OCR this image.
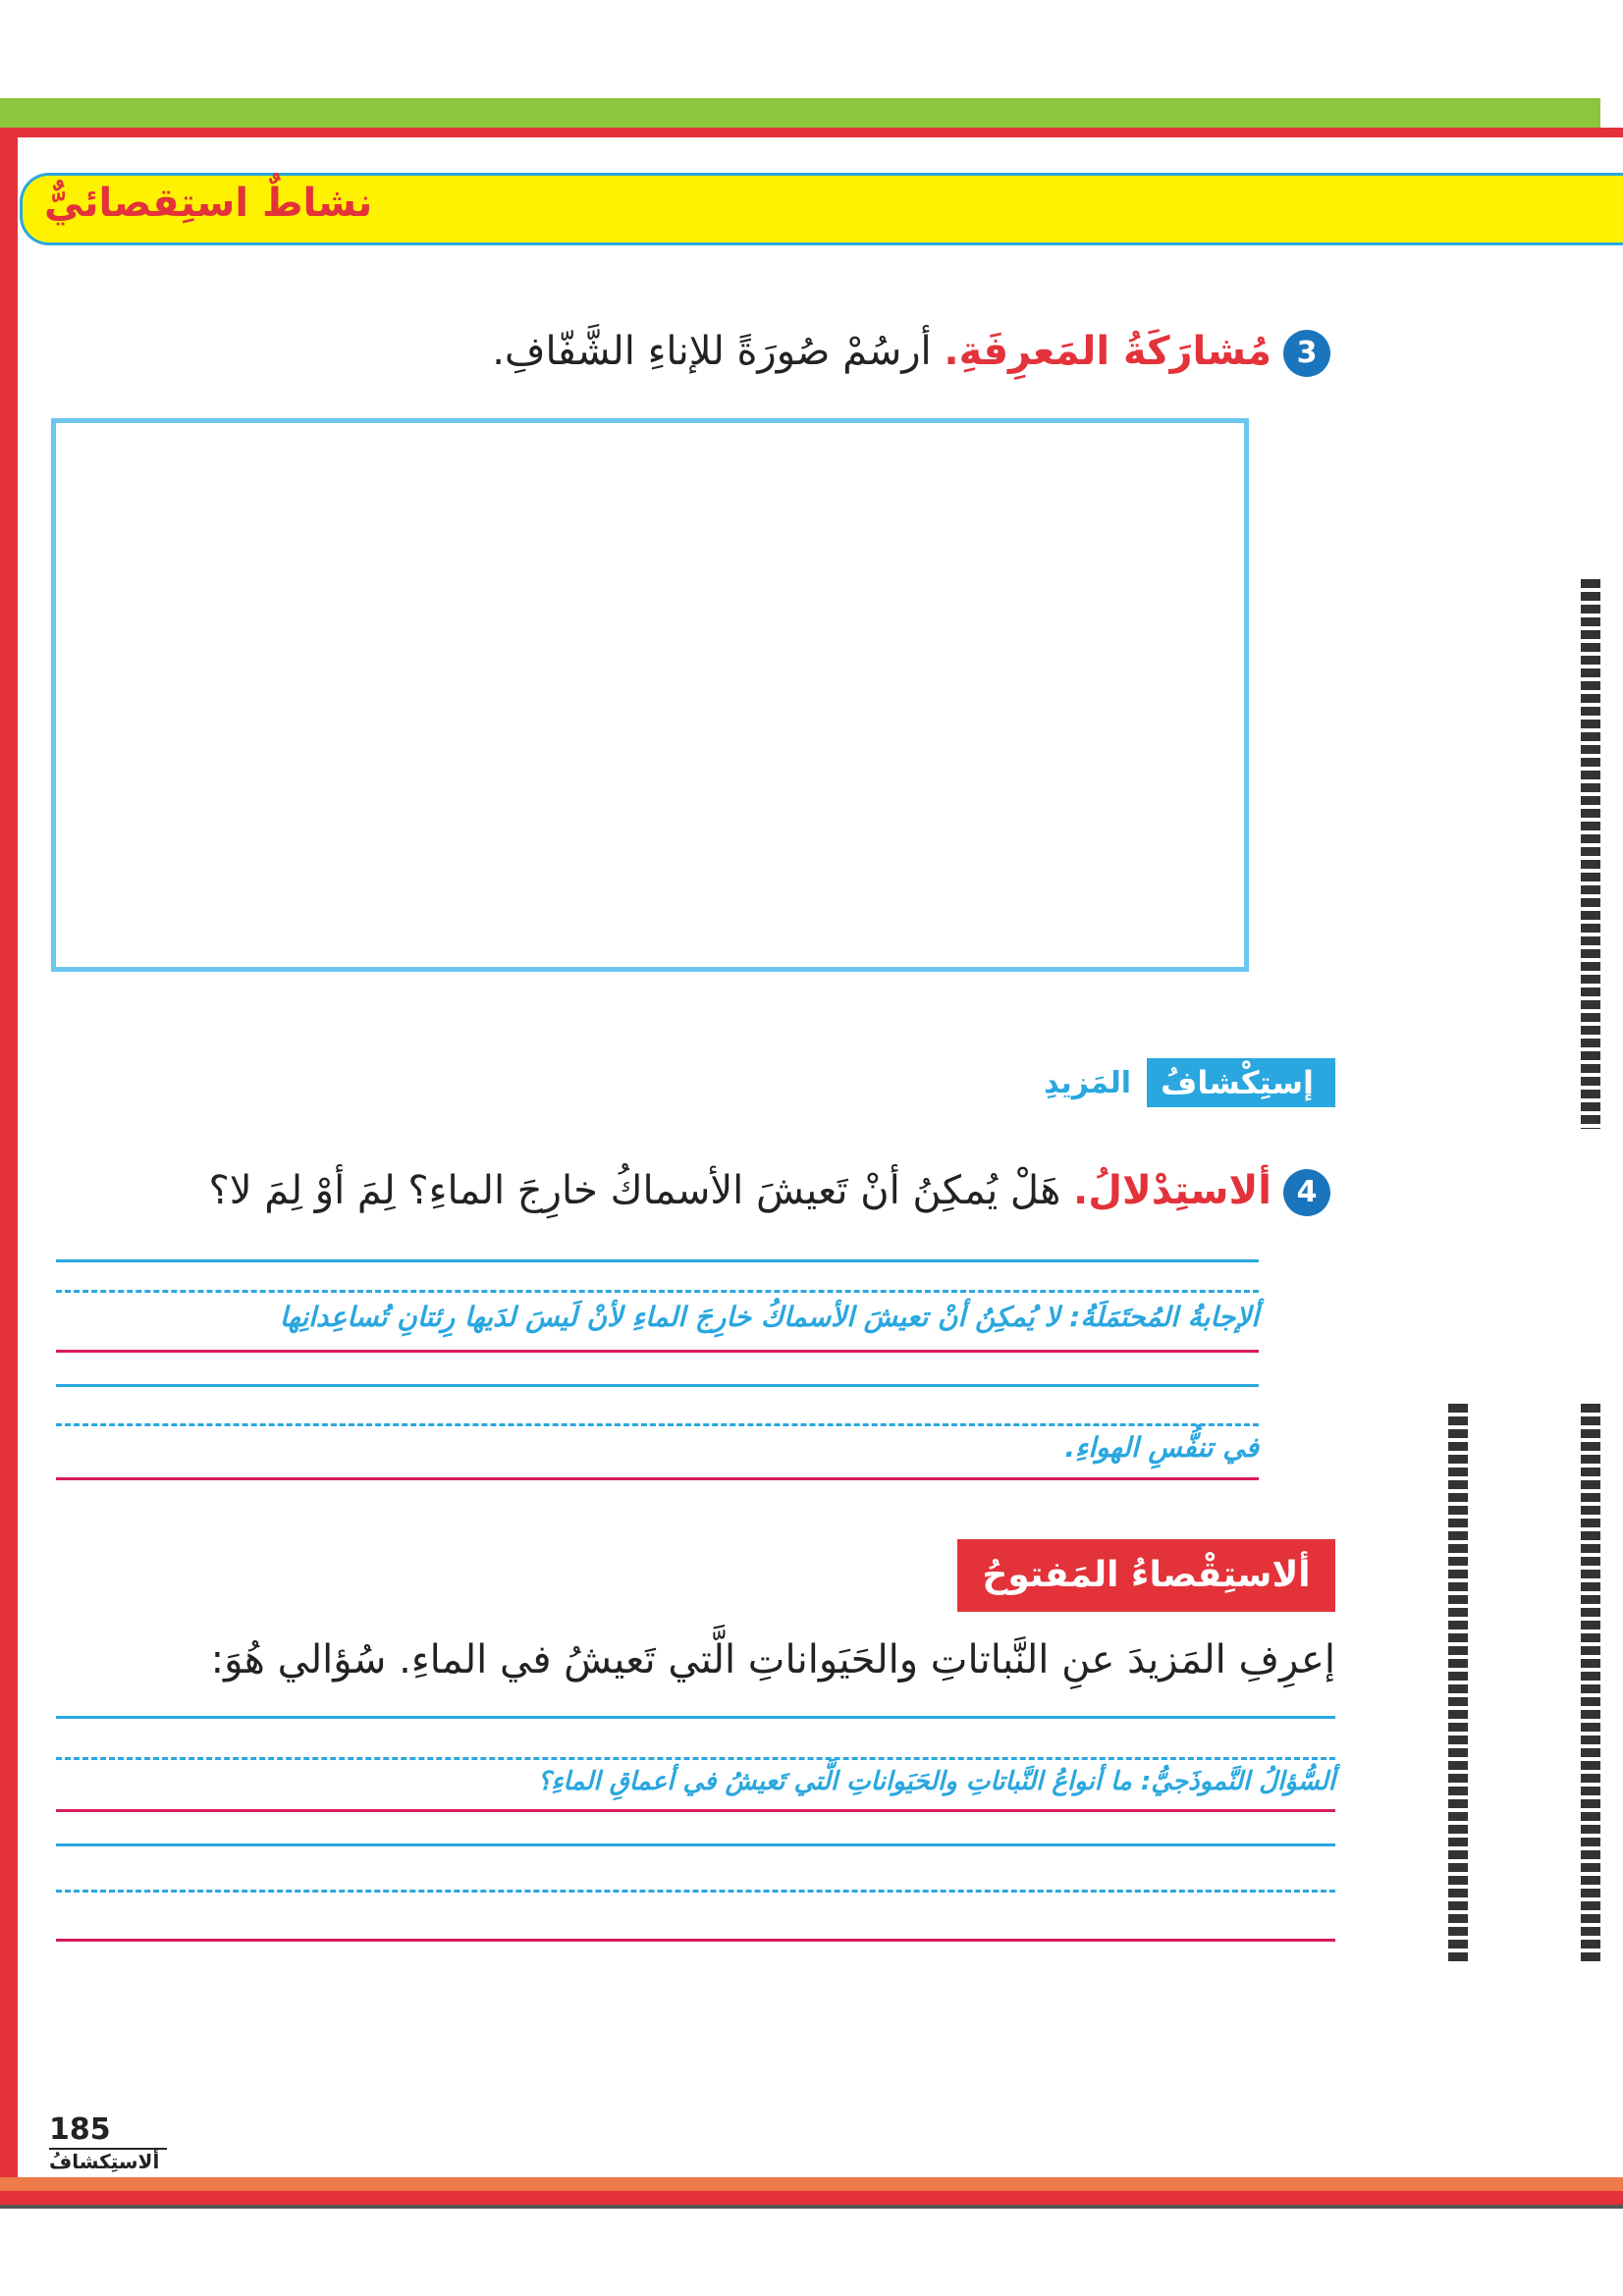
نشاطٌ استِقصائيٌّ
3مُشارَكَةُ المَعرِفَةِ. أرسُمْ صُورَةً للإناءِ الشَّفّافِ.
إستِكْشافُ
المَزيدِ
4ألاستِدْلالُ. هَلْ يُمكِنُ أنْ تَعيشَ الأسماكُ خارِجَ الماءِ؟ لِمَ أوْ لِمَ لا؟
ألإجابةُ المُحتَمَلَةُ: لا يُمكِنُ أنْ تعيشَ الأسماكُ خارِجَ الماءِ لأنْ لَيسَ لدَيها رِئتانِ تُساعِدانِها
في تنفُّسِ الهواءِ.
ألاستِقْصاءُ المَفتوحُ
إعرِفِ المَزيدَ عنِ النَّباتاتِ والحَيَواناتِ الَّتي تَعيشُ في الماءِ. سُؤالي هُوَ:
ألسُّؤالُ النَّموذَجيُّ: ما أنواعُ النَّباتاتِ والحَيَواناتِ الَّتي تَعيشُ في أعماقِ الماءِ؟
185
ألاستِكشافُ
